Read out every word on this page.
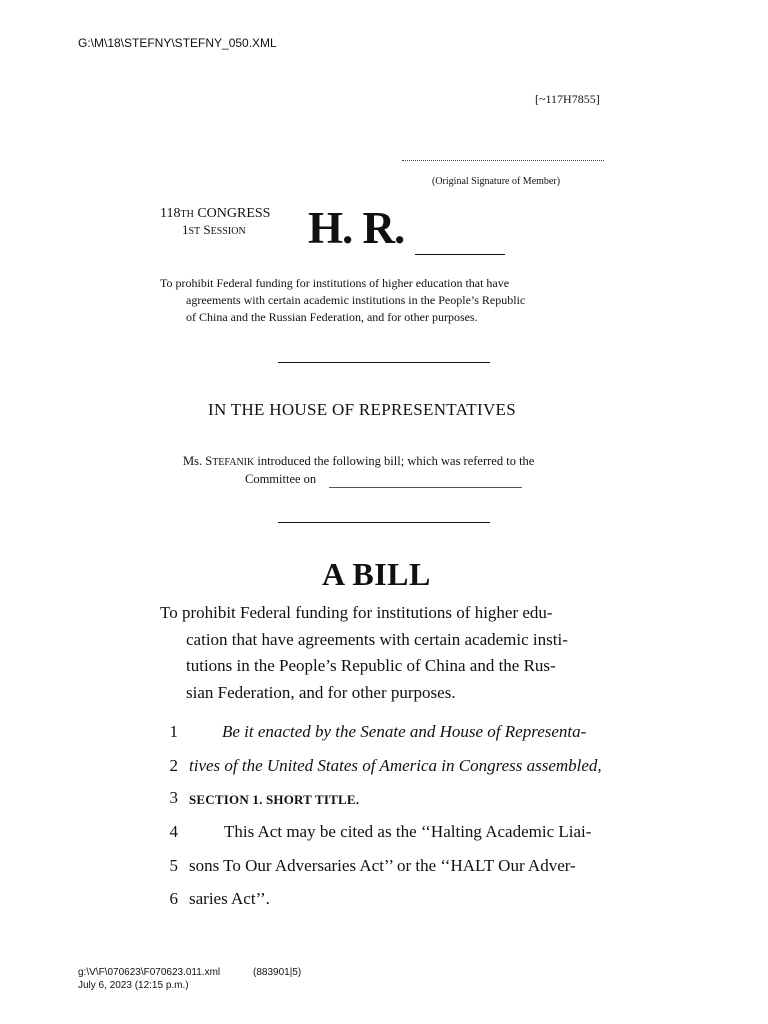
G:\M\18\STEFNY\STEFNY_050.XML
[~117H7855]
(Original Signature of Member)
118TH CONGRESS
1ST SESSION H. R.
To prohibit Federal funding for institutions of higher education that have
agreements with certain academic institutions in the People’s Republic
of China and the Russian Federation, and for other purposes.
IN THE HOUSE OF REPRESENTATIVES
Ms. STEFANIK introduced the following bill; which was referred to the
Committee on
A BILL
To prohibit Federal funding for institutions of higher edu-
cation that have agreements with certain academic insti-
tutions in the People’s Republic of China and the Rus-
sian Federation, and for other purposes.
1	Be it enacted by the Senate and House of Representa-
2 tives of the United States of America in Congress assembled,
3 SECTION 1. SHORT TITLE.
4	This Act may be cited as the ‘‘Halting Academic Liai-
5 sons To Our Adversaries Act’’ or the ‘‘HALT Our Adver-
6 saries Act’’.
g:\V\F\070623\F070623.011.xml	(883901|5)
July 6, 2023 (12:15 p.m.)
